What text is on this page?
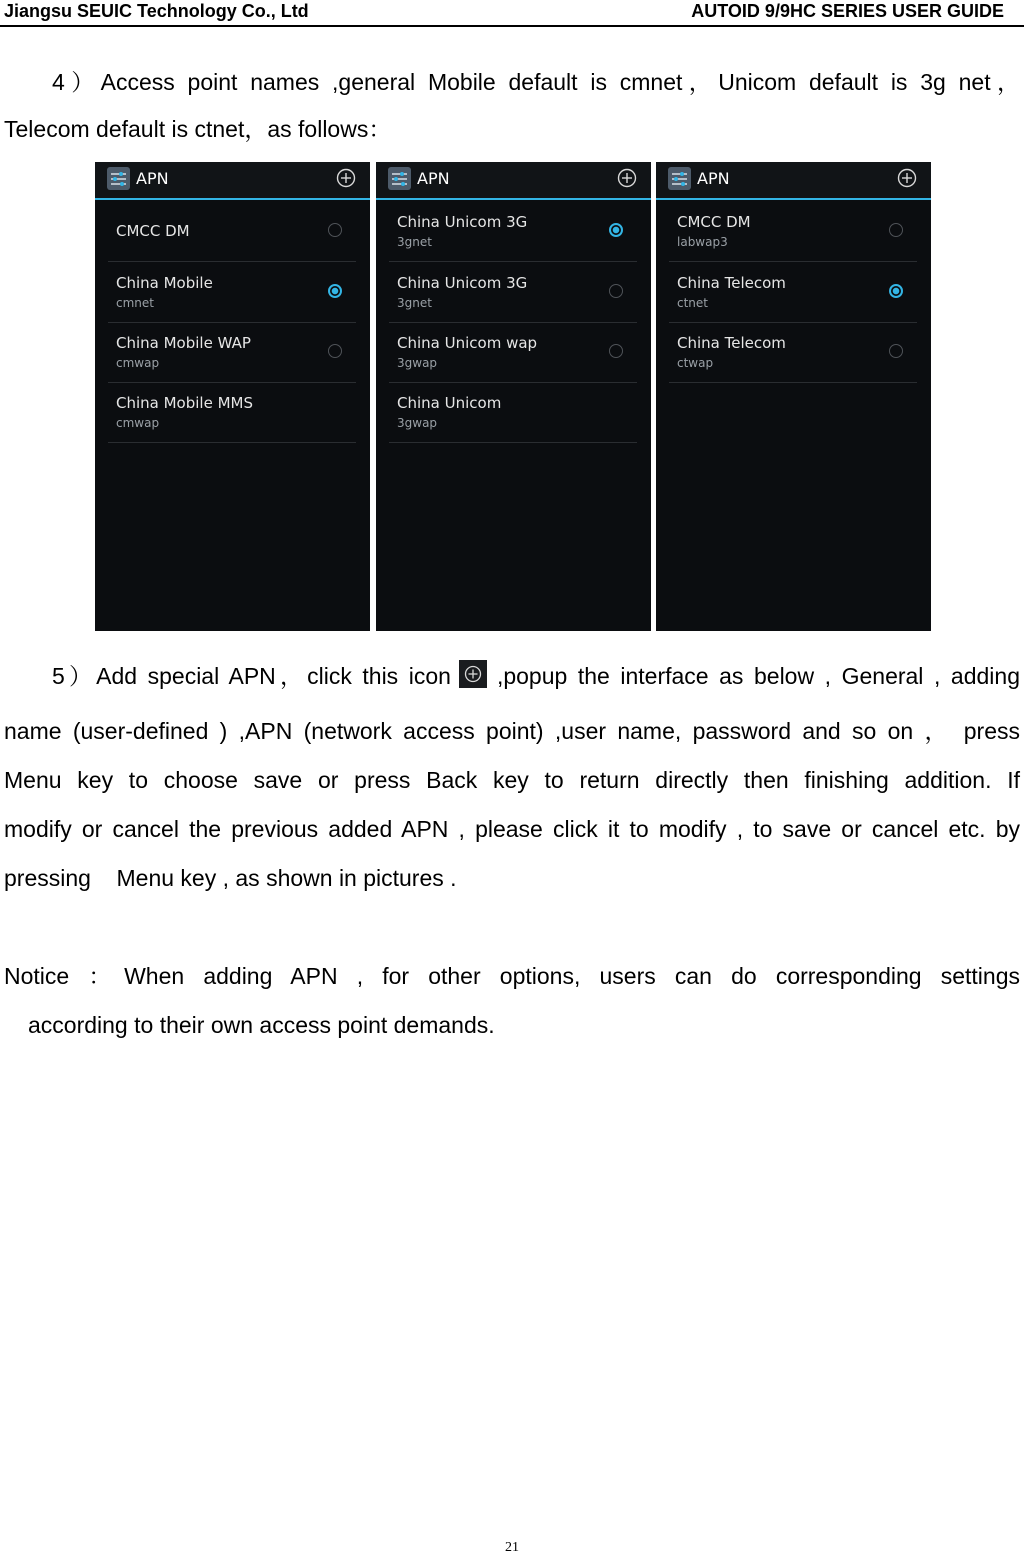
Jiangsu SEUIC Technology Co., Ltd	AUTOID 9/9HC SERIES USER GUIDE
4）Access point names ,general Mobile default is cmnet，Unicom default is 3g net，
Telecom default is ctnet，as follows：
APN
CMCC DM
China Mobile
cmnet
China Mobile WAP
cmwap
China Mobile MMS
cmwap
APN
China Unicom 3G
3gnet
China Unicom 3G
3gnet
China Unicom wap
3gwap
China Unicom
3gwap
APN
CMCC DM
labwap3
China Telecom
ctnet
China Telecom
ctwap
5）Add special APN，click this icon ,popup the interface as below , General , adding
name (user-defined ) ,APN (network access point) ,user name, password and so on ， press
Menu key to choose save or press Back key to return directly then finishing addition. If
modify or cancel the previous added APN , please click it to modify , to save or cancel etc. by
pressing    Menu key , as shown in pictures .
Notice ：When adding APN , for other options, users can do corresponding settings
according to their own access point demands.
21
